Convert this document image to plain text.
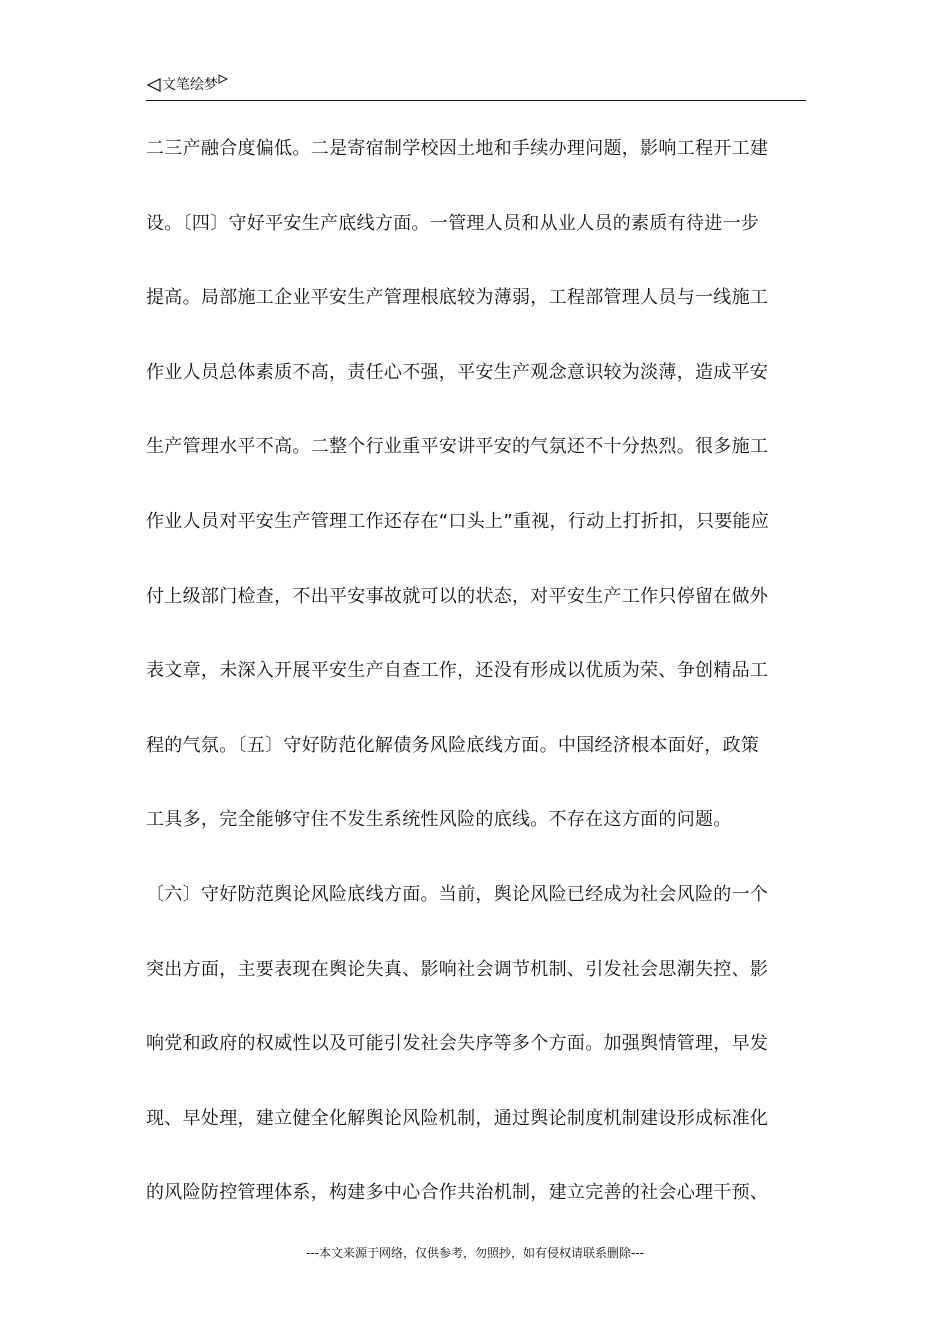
文笔绘梦
二三产融合度偏低。二是寄宿制学校因土地和手续办理问题，影响工程开工建
设。〔四〕守好平安生产底线方面。一管理人员和从业人员的素质有待进一步
提高。局部施工企业平安生产管理根底较为薄弱，工程部管理人员与一线施工
作业人员总体素质不高，责任心不强，平安生产观念意识较为淡薄，造成平安
生产管理水平不高。二整个行业重平安讲平安的气氛还不十分热烈。很多施工
作业人员对平安生产管理工作还存在“口头上”重视，行动上打折扣，只要能应
付上级部门检查，不出平安事故就可以的状态，对平安生产工作只停留在做外
表文章，未深入开展平安生产自查工作，还没有形成以优质为荣、争创精品工
程的气氛。〔五〕守好防范化解债务风险底线方面。中国经济根本面好，政策
工具多，完全能够守住不发生系统性风险的底线。不存在这方面的问题。
〔六〕守好防范舆论风险底线方面。当前，舆论风险已经成为社会风险的一个
突出方面，主要表现在舆论失真、影响社会调节机制、引发社会思潮失控、影
响党和政府的权威性以及可能引发社会失序等多个方面。加强舆情管理，早发
现、早处理，建立健全化解舆论风险机制，通过舆论制度机制建设形成标准化
的风险防控管理体系，构建多中心合作共治机制，建立完善的社会心理干预、
---本文来源于网络，仅供参考，勿照抄，如有侵权请联系删除---
